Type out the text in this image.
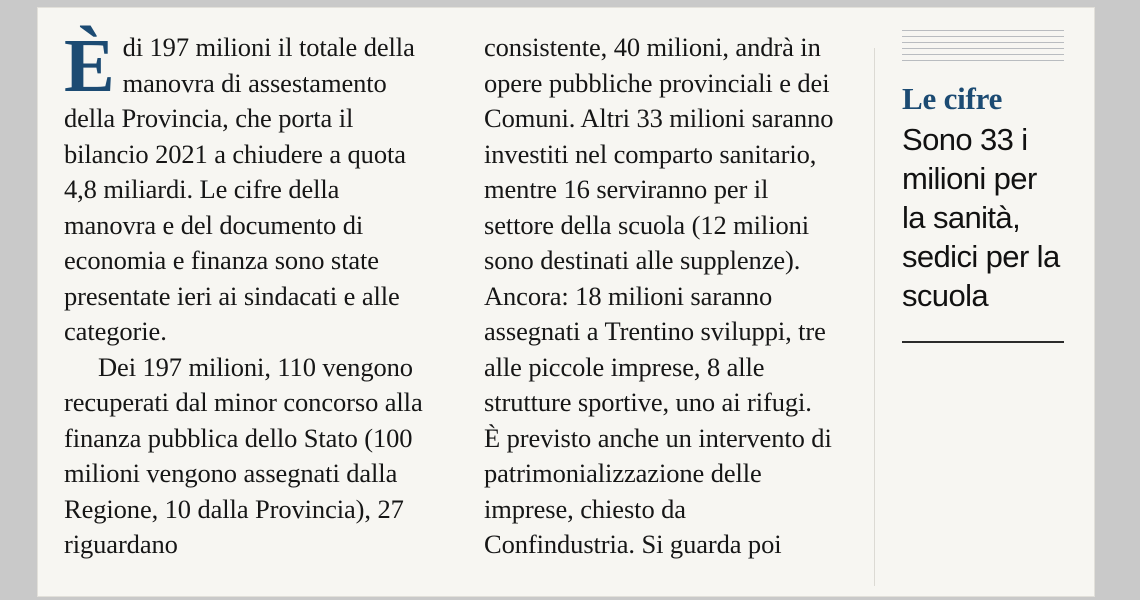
È di 197 milioni il totale della manovra di assestamento della Provincia, che porta il bilancio 2021 a chiudere a quota 4,8 miliardi. Le cifre della manovra e del documento di economia e finanza sono state presentate ieri ai sindacati e alle categorie.

Dei 197 milioni, 110 vengono recuperati dal minor concorso alla finanza pubblica dello Stato (100 milioni vengono assegnati dalla Regione, 10 dalla Provincia), 27 riguardano

consistente, 40 milioni, andrà in opere pubbliche provinciali e dei Comuni. Altri 33 milioni saranno investiti nel comparto sanitario, mentre 16 serviranno per il settore della scuola (12 milioni sono destinati alle supplenze). Ancora: 18 milioni saranno assegnati a Trentino sviluppi, tre alle piccole imprese, 8 alle strutture sportive, uno ai rifugi. È previsto anche un intervento di patrimonializzazione delle imprese, chiesto da Confindustria. Si guarda poi

Le cifre
Sono 33 i milioni per la sanità, sedici per la scuola
